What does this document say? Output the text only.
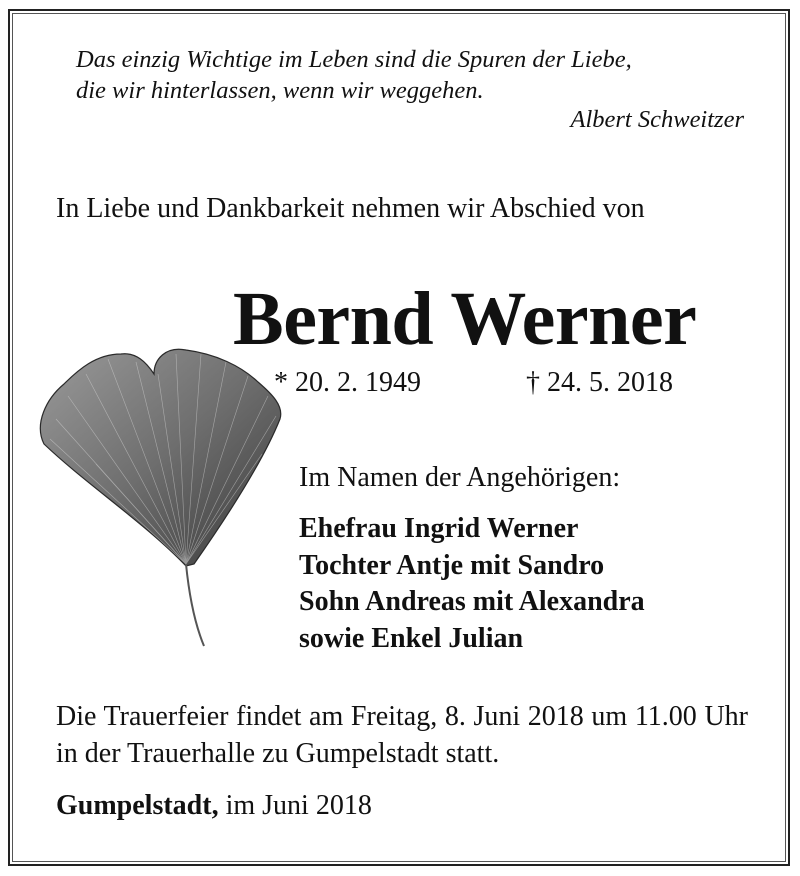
Das einzig Wichtige im Leben sind die Spuren der Liebe,
die wir hinterlassen, wenn wir weggehen.
Albert Schweitzer
In Liebe und Dankbarkeit nehmen wir Abschied von
Bernd Werner
* 20. 2. 1949	† 24. 5. 2018
Im Namen der Angehörigen:
Ehefrau Ingrid Werner
Tochter Antje mit Sandro
Sohn Andreas mit Alexandra
sowie Enkel Julian
Die Trauerfeier findet am Freitag, 8. Juni 2018 um 11.00 Uhr in der Trauerhalle zu Gumpelstadt statt.
Gumpelstadt, im Juni 2018
